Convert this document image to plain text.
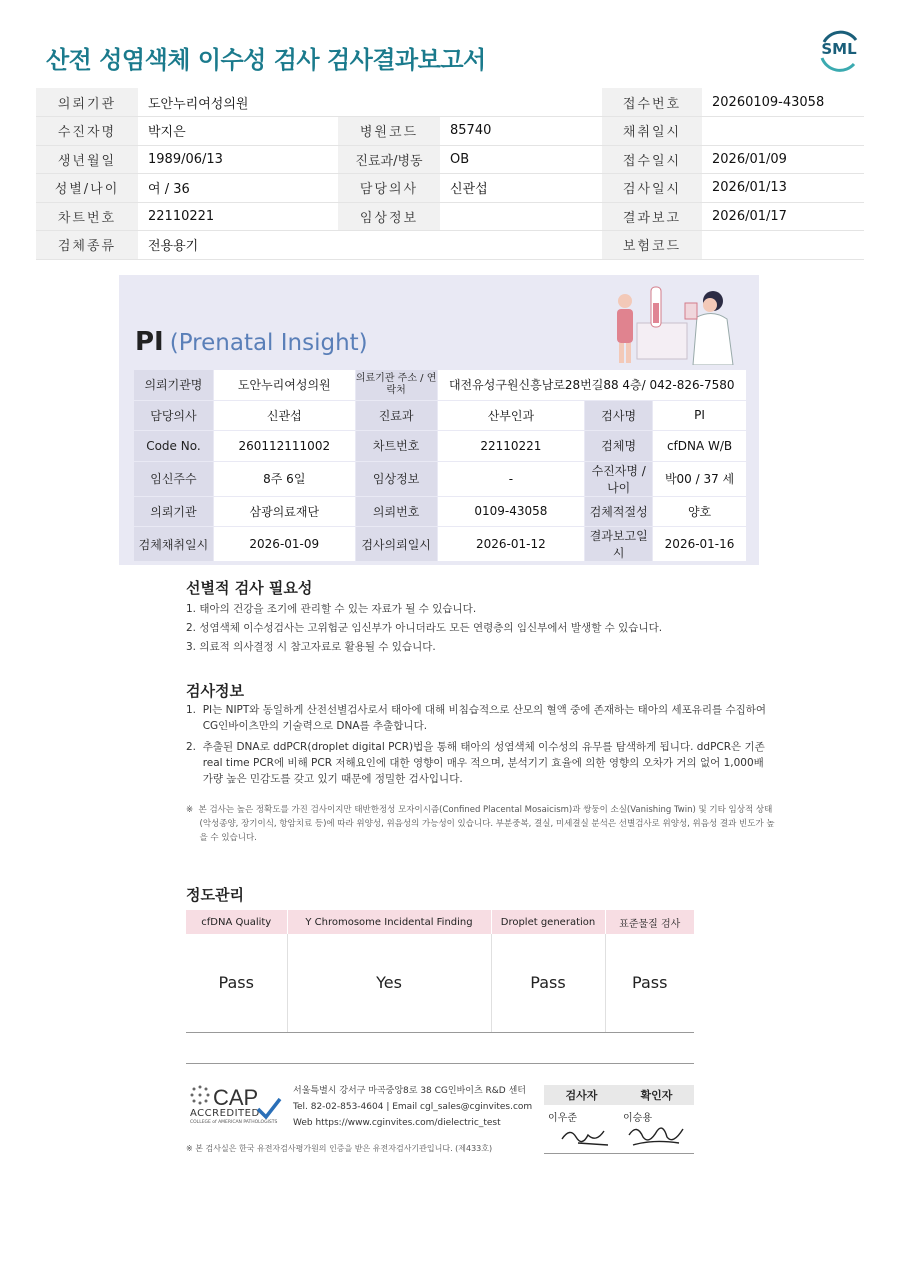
산전 성염색체 이수성 검사 검사결과보고서	SML
의뢰기관	도안누리여성의원			접수번호	20260109-43058
수진자명	박지은	병원코드	85740	채취일시	
생년월일	1989/06/13	진료과/병동	OB	접수일시	2026/01/09
성별/나이	여 / 36	담당의사	신관섭	검사일시	2026/01/13
차트번호	22110221	임상정보		결과보고	2026/01/17
검체종류	전용용기			보험코드	
PI (Prenatal Insight)
의뢰기관명	도안누리여성의원	의료기관 주소 / 연락처	대전유성구원신흥남로28번길88 4층/ 042-826-7580		
담당의사	신관섭	진료과	산부인과	검사명	PI
Code No.	260112111002	차트번호	22110221	검체명	cfDNA W/B
임신주수	8주 6일	임상정보	-	수진자명 / 나이	박00 / 37 세
의뢰기관	삼광의료재단	의뢰번호	0109-43058	검체적절성	양호
검체채취일시	2026-01-09	검사의뢰일시	2026-01-12	결과보고일시	2026-01-16
선별적 검사 필요성
1. 태아의 건강을 조기에 관리할 수 있는 자료가 될 수 있습니다.
2. 성염색체 이수성검사는 고위험군 임신부가 아니더라도 모든 연령층의 임신부에서 발생할 수 있습니다.
3. 의료적 의사결정 시 참고자료로 활용될 수 있습니다.
검사정보
1.  PI는 NIPT와 동일하게 산전선별검사로서 태아에 대해 비침습적으로 산모의 혈액 중에 존재하는 태아의 세포유리를 수집하여
CG인바이츠만의 기술력으로 DNA를 추출합니다.
2.  추출된 DNA로 ddPCR(droplet digital PCR)법을 통해 태아의 성염색체 이수성의 유무를 탐색하게 됩니다. ddPCR은 기존
real time PCR에 비해 PCR 저해요인에 대한 영향이 매우 적으며, 분석기기 효율에 의한 영향의 오차가 거의 없어 1,000배
가량 높은 민감도를 갖고 있기 때문에 정밀한 검사입니다.
※  본 검사는 높은 정확도를 가진 검사이지만 태반한정성 모자이시즘(Confined Placental Mosaicism)과 쌍둥이 소실(Vanishing Twin) 및 기타 임상적 상태
(악성종양, 장기이식, 항암치료 등)에 따라 위양성, 위음성의 가능성이 있습니다. 부분중복, 결실, 미세결실 분석은 선별검사로 위양성, 위음성 결과 빈도가 높
을 수 있습니다.
정도관리
cfDNA Quality	Y Chromosome Incidental Finding	Droplet generation	표준물질 검사
Pass	Yes	Pass	Pass
CAP
ACCREDITED
COLLEGE of AMERICAN PATHOLOGISTS
서울특별시 강서구 마곡중앙8로 38 CG인바이츠 R&D 센터
Tel. 82-02-853-4604 | Email cgl_sales@cginvites.com
Web https://www.cginvites.com/dielectric_test
검사자	확인자
이우준	이승용
※ 본 검사실은 한국 유전자검사평가원의 인증을 받은 유전자검사기관입니다. (제433호)
